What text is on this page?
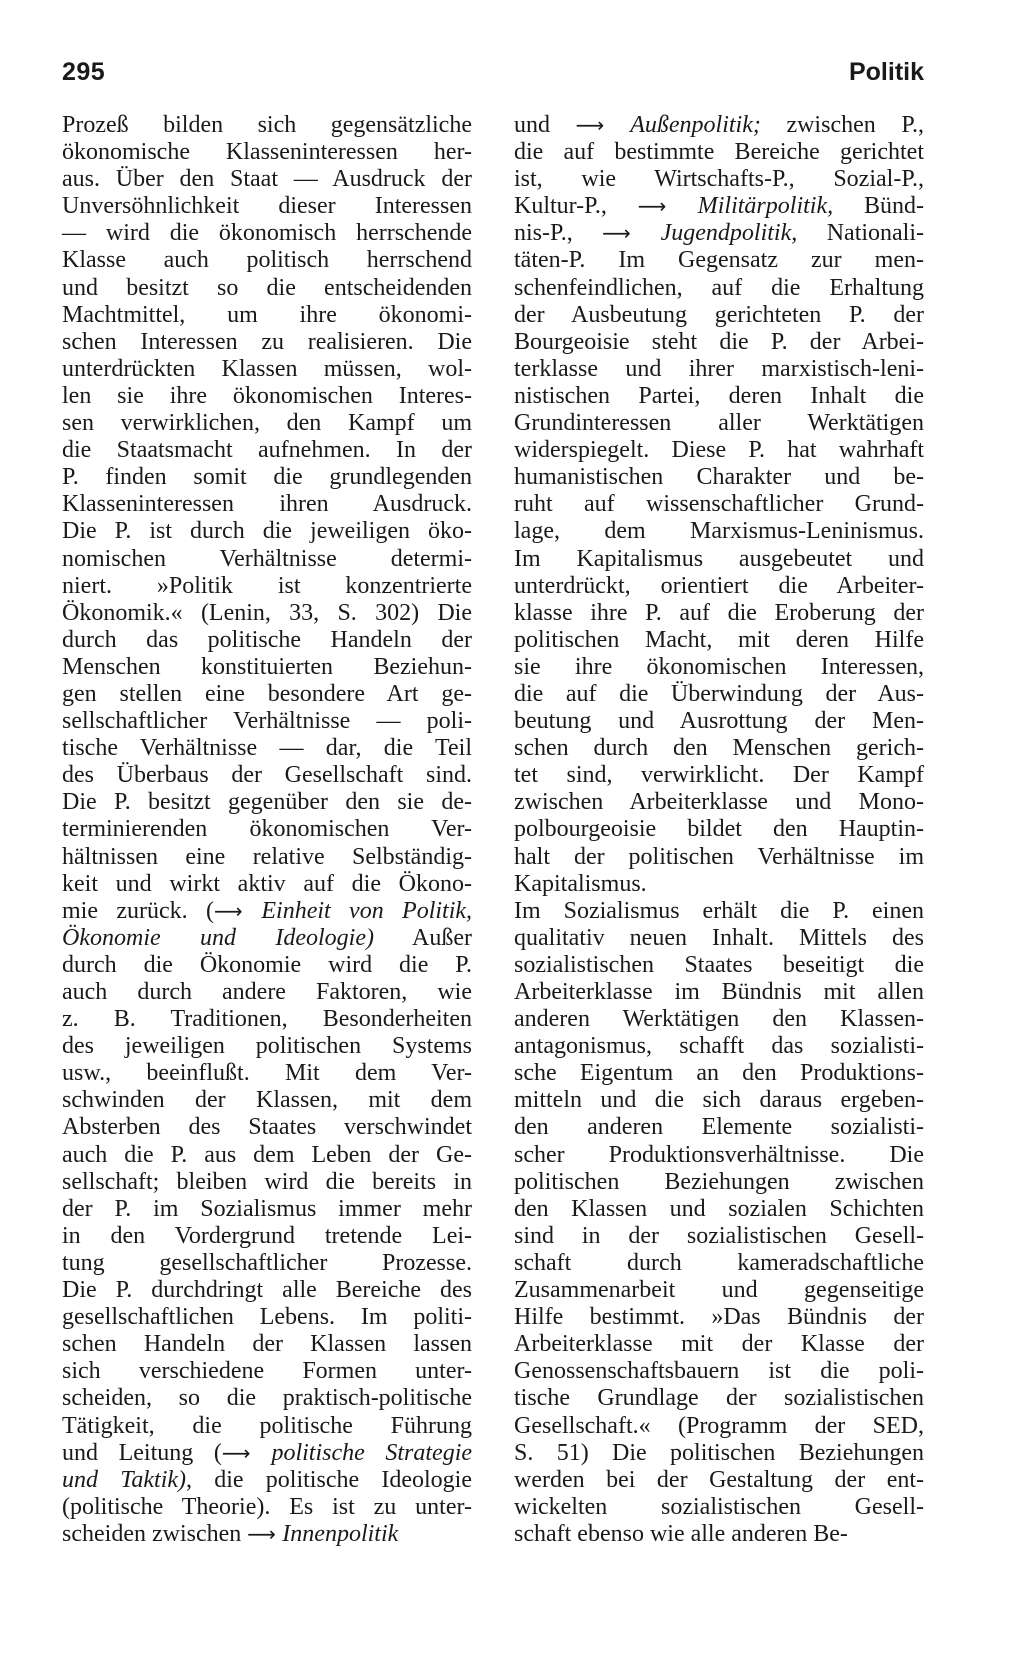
295	Politik
Prozeß bilden sich gegensätzliche
ökonomische Klasseninteressen her-
aus. Über den Staat — Ausdruck der
Unversöhnlichkeit dieser Interessen
— wird die ökonomisch herrschende
Klasse auch politisch herrschend
und besitzt so die entscheidenden
Machtmittel, um ihre ökonomi-
schen Interessen zu realisieren. Die
unterdrückten Klassen müssen, wol-
len sie ihre ökonomischen Interes-
sen verwirklichen, den Kampf um
die Staatsmacht aufnehmen. In der
P. finden somit die grundlegenden
Klasseninteressen ihren Ausdruck.
Die P. ist durch die jeweiligen öko-
nomischen Verhältnisse determi-
niert. »Politik ist konzentrierte
Ökonomik.« (Lenin, 33, S. 302) Die
durch das politische Handeln der
Menschen konstituierten Beziehun-
gen stellen eine besondere Art ge-
sellschaftlicher Verhältnisse — poli-
tische Verhältnisse — dar, die Teil
des Überbaus der Gesellschaft sind.
Die P. besitzt gegenüber den sie de-
terminierenden ökonomischen Ver-
hältnissen eine relative Selbständig-
keit und wirkt aktiv auf die Ökono-
mie zurück. (⟶ Einheit von Politik,
Ökonomie und Ideologie) Außer
durch die Ökonomie wird die P.
auch durch andere Faktoren, wie
z. B. Traditionen, Besonderheiten
des jeweiligen politischen Systems
usw., beeinflußt. Mit dem Ver-
schwinden der Klassen, mit dem
Absterben des Staates verschwindet
auch die P. aus dem Leben der Ge-
sellschaft; bleiben wird die bereits in
der P. im Sozialismus immer mehr
in den Vordergrund tretende Lei-
tung gesellschaftlicher Prozesse.
Die P. durchdringt alle Bereiche des
gesellschaftlichen Lebens. Im politi-
schen Handeln der Klassen lassen
sich verschiedene Formen unter-
scheiden, so die praktisch-politische
Tätigkeit, die politische Führung
und Leitung (⟶ politische Strategie
und Taktik), die politische Ideologie
(politische Theorie). Es ist zu unter-
scheiden zwischen ⟶ Innenpolitik
und ⟶ Außenpolitik; zwischen P.,
die auf bestimmte Bereiche gerichtet
ist, wie Wirtschafts-P., Sozial-P.,
Kultur-P., ⟶ Militärpolitik, Bünd-
nis-P., ⟶ Jugendpolitik, Nationali-
täten-P. Im Gegensatz zur men-
schenfeindlichen, auf die Erhaltung
der Ausbeutung gerichteten P. der
Bourgeoisie steht die P. der Arbei-
terklasse und ihrer marxistisch-leni-
nistischen Partei, deren Inhalt die
Grundinteressen aller Werktätigen
widerspiegelt. Diese P. hat wahrhaft
humanistischen Charakter und be-
ruht auf wissenschaftlicher Grund-
lage, dem Marxismus-Leninismus.
Im Kapitalismus ausgebeutet und
unterdrückt, orientiert die Arbeiter-
klasse ihre P. auf die Eroberung der
politischen Macht, mit deren Hilfe
sie ihre ökonomischen Interessen,
die auf die Überwindung der Aus-
beutung und Ausrottung der Men-
schen durch den Menschen gerich-
tet sind, verwirklicht. Der Kampf
zwischen Arbeiterklasse und Mono-
polbourgeoisie bildet den Hauptin-
halt der politischen Verhältnisse im
Kapitalismus.
Im Sozialismus erhält die P. einen
qualitativ neuen Inhalt. Mittels des
sozialistischen Staates beseitigt die
Arbeiterklasse im Bündnis mit allen
anderen Werktätigen den Klassen-
antagonismus, schafft das sozialisti-
sche Eigentum an den Produktions-
mitteln und die sich daraus ergeben-
den anderen Elemente sozialisti-
scher Produktionsverhältnisse. Die
politischen Beziehungen zwischen
den Klassen und sozialen Schichten
sind in der sozialistischen Gesell-
schaft durch kameradschaftliche
Zusammenarbeit und gegenseitige
Hilfe bestimmt. »Das Bündnis der
Arbeiterklasse mit der Klasse der
Genossenschaftsbauern ist die poli-
tische Grundlage der sozialistischen
Gesellschaft.« (Programm der SED,
S. 51) Die politischen Beziehungen
werden bei der Gestaltung der ent-
wickelten sozialistischen Gesell-
schaft ebenso wie alle anderen Be-
